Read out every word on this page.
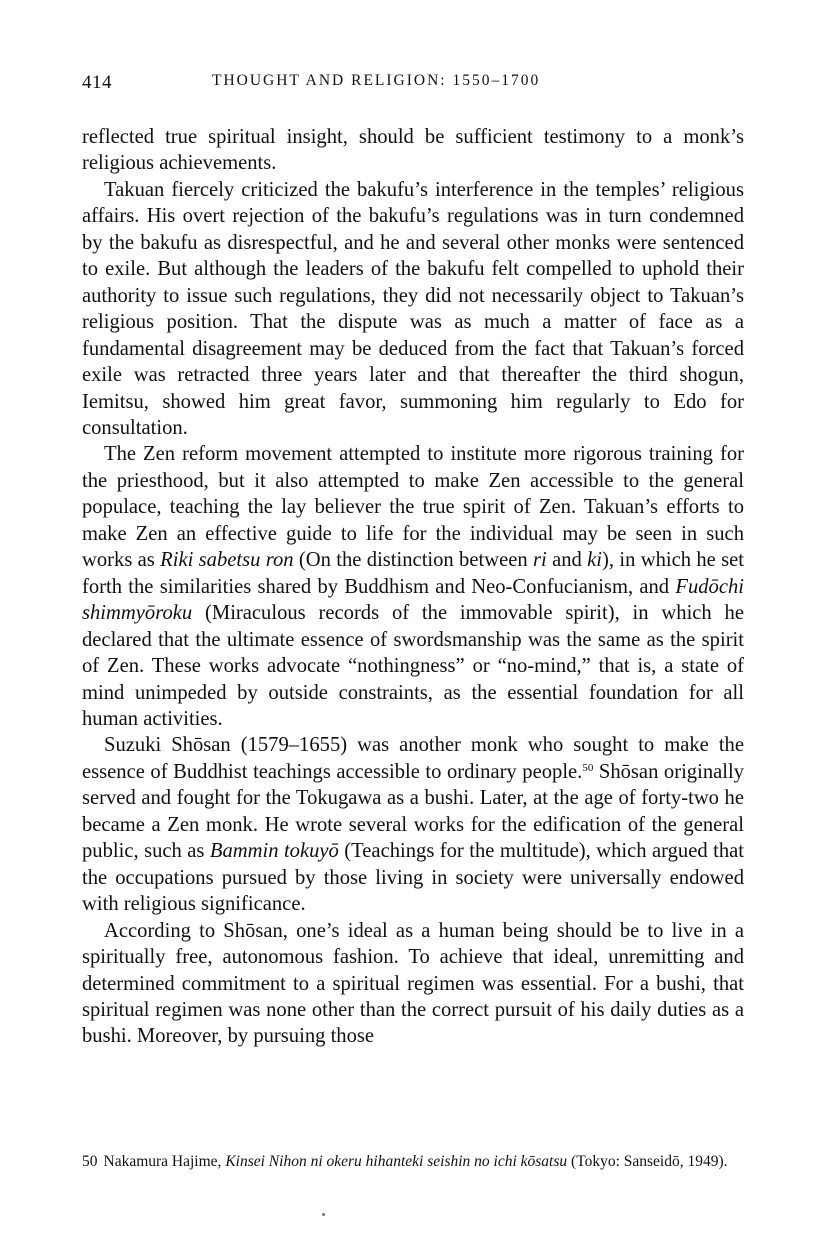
414	THOUGHT AND RELIGION: 1550–1700

reflected true spiritual insight, should be sufficient testimony to a monk’s religious achievements.

Takuan fiercely criticized the bakufu’s interference in the temples’ religious affairs. His overt rejection of the bakufu’s regulations was in turn condemned by the bakufu as disrespectful, and he and several other monks were sentenced to exile. But although the leaders of the bakufu felt compelled to uphold their authority to issue such regulations, they did not necessarily object to Takuan’s religious position. That the dispute was as much a matter of face as a fundamental disagreement may be deduced from the fact that Takuan’s forced exile was retracted three years later and that thereafter the third shogun, Iemitsu, showed him great favor, summoning him regularly to Edo for consultation.

The Zen reform movement attempted to institute more rigorous training for the priesthood, but it also attempted to make Zen accessible to the general populace, teaching the lay believer the true spirit of Zen. Takuan’s efforts to make Zen an effective guide to life for the individual may be seen in such works as Riki sabetsu ron (On the distinction between ri and ki), in which he set forth the similarities shared by Buddhism and Neo-Confucianism, and Fudōchi shimmyōroku (Miraculous records of the immovable spirit), in which he declared that the ultimate essence of swordsmanship was the same as the spirit of Zen. These works advocate “nothingness” or “no-mind,” that is, a state of mind unimpeded by outside constraints, as the essential foundation for all human activities.

Suzuki Shōsan (1579–1655) was another monk who sought to make the essence of Buddhist teachings accessible to ordinary people.$^{50}$ Shōsan originally served and fought for the Tokugawa as a bushi. Later, at the age of forty-two he became a Zen monk. He wrote several works for the edification of the general public, such as Bammin tokuyō (Teachings for the multitude), which argued that the occupations pursued by those living in society were universally endowed with religious significance.

According to Shōsan, one’s ideal as a human being should be to live in a spiritually free, autonomous fashion. To achieve that ideal, unremitting and determined commitment to a spiritual regimen was essential. For a bushi, that spiritual regimen was none other than the correct pursuit of his daily duties as a bushi. Moreover, by pursuing those

50 Nakamura Hajime, Kinsei Nihon ni okeru hihanteki seishin no ichi kōsatsu (Tokyo: Sanseidō, 1949).
